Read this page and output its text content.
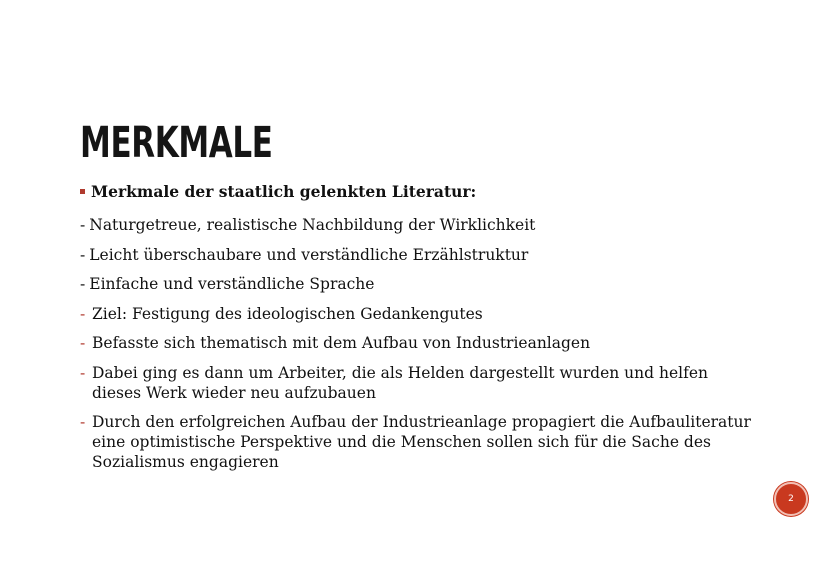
MERKMALE
Merkmale der staatlich gelenkten Literatur:
- Naturgetreue, realistische Nachbildung der Wirklichkeit
- Leicht überschaubare und verständliche Erzählstruktur
- Einfache und verständliche Sprache
- Ziel: Festigung des ideologischen Gedankengutes
- Befasste sich thematisch mit dem Aufbau von Industrieanlagen
- Dabei ging es dann um Arbeiter, die als Helden dargestellt wurden und helfen dieses Werk wieder neu aufzubauen
- Durch den erfolgreichen Aufbau der Industrieanlage propagiert die Aufbauliteratur eine optimistische Perspektive und die Menschen sollen sich für die Sache des Sozialismus engagieren
2
